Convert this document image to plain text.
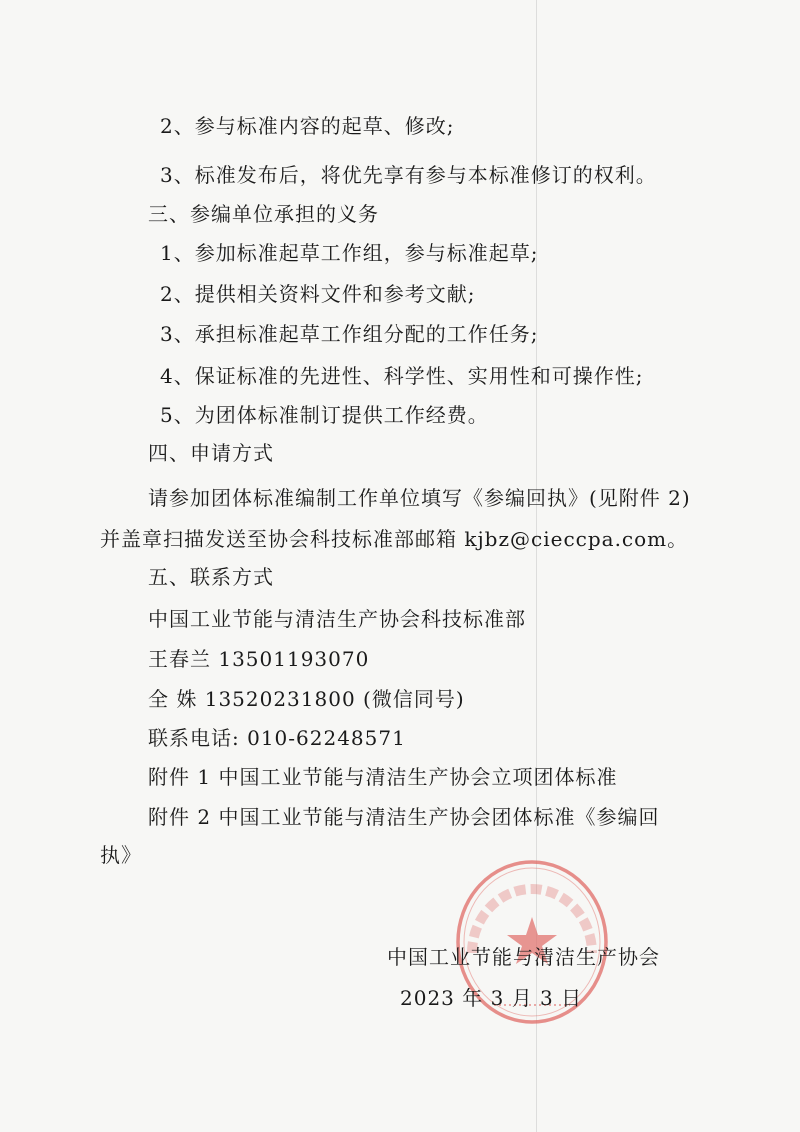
2、参与标准内容的起草、修改;
3、标准发布后，将优先享有参与本标准修订的权利。
三、参编单位承担的义务
1、参加标准起草工作组，参与标准起草;
2、提供相关资料文件和参考文献;
3、承担标准起草工作组分配的工作任务;
4、保证标准的先进性、科学性、实用性和可操作性;
5、为团体标准制订提供工作经费。
四、申请方式
请参加团体标准编制工作单位填写《参编回执》(见附件 2)
并盖章扫描发送至协会科技标准部邮箱 kjbz@cieccpa.com。
五、联系方式
中国工业节能与清洁生产协会科技标准部
王春兰 13501193070
全 姝 13520231800 (微信同号)
联系电话: 010-62248571
附件 1 中国工业节能与清洁生产协会立项团体标准
附件 2 中国工业节能与清洁生产协会团体标准《参编回
执》
中国工业节能与清洁生产协会
2023 年 3 月 3 日
